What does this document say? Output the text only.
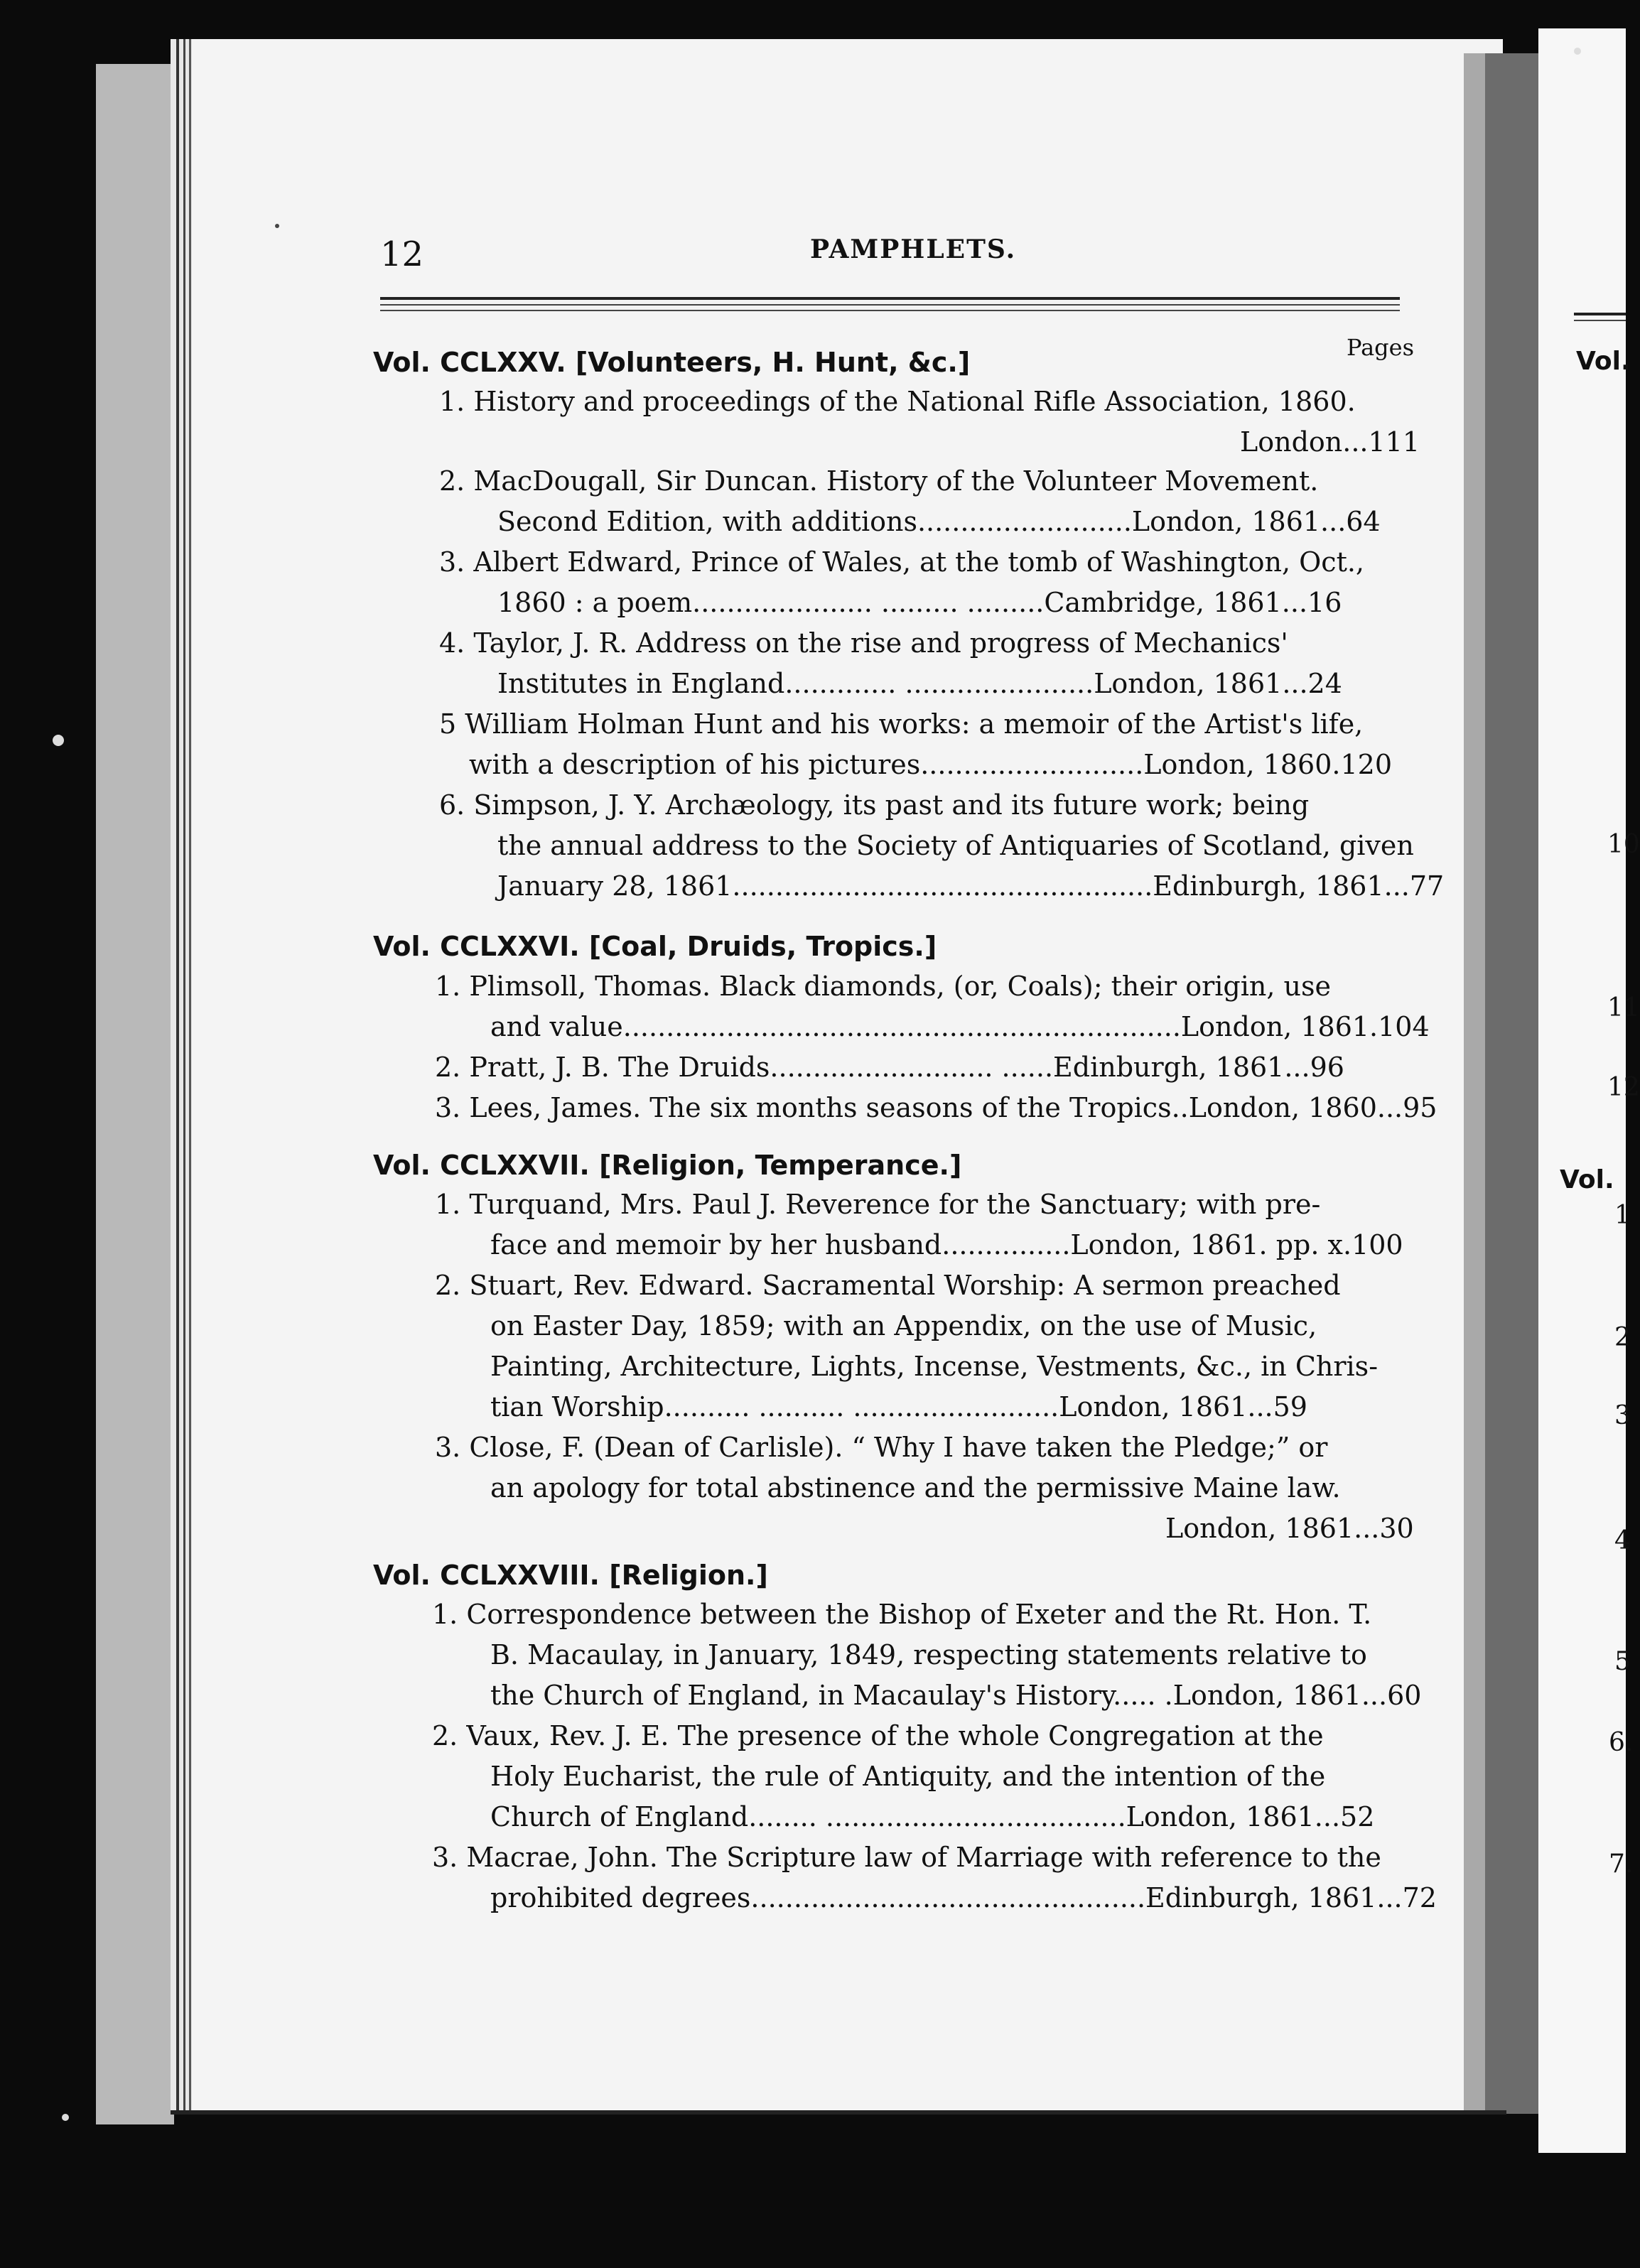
12	PAMPHLETS.
Pages
Vol. CCLXXV. [Volunteers, H. Hunt, &c.]
1. History and proceedings of the National Rifle Association, 1860.
London...111
2. MacDougall, Sir Duncan. History of the Volunteer Movement.
Second Edition, with additions.........................London, 1861...64
3. Albert Edward, Prince of Wales, at the tomb of Washington, Oct.,
1860 : a poem..................... ......... .........Cambridge, 1861...16
4. Taylor, J. R. Address on the rise and progress of Mechanics'
Institutes in England............. ......................London, 1861...24
5 William Holman Hunt and his works: a memoir of the Artist's life,
with a description of his pictures..........................London, 1860.120
6. Simpson, J. Y. Archæology, its past and its future work; being
the annual address to the Society of Antiquaries of Scotland, given
January 28, 1861.................................................Edinburgh, 1861...77
Vol. CCLXXVI. [Coal, Druids, Tropics.]
1. Plimsoll, Thomas. Black diamonds, (or, Coals); their origin, use
and value.................................................................London, 1861.104
2. Pratt, J. B. The Druids.......................... ......Edinburgh, 1861...96
3. Lees, James. The six months seasons of the Tropics..London, 1860...95
Vol. CCLXXVII. [Religion, Temperance.]
1. Turquand, Mrs. Paul J. Reverence for the Sanctuary; with pre-
face and memoir by her husband...............London, 1861. pp. x.100
2. Stuart, Rev. Edward. Sacramental Worship: A sermon preached
on Easter Day, 1859; with an Appendix, on the use of Music,
Painting, Architecture, Lights, Incense, Vestments, &c., in Chris-
tian Worship.......... .......... ........................London, 1861...59
3. Close, F. (Dean of Carlisle). “ Why I have taken the Pledge;” or
an apology for total abstinence and the permissive Maine law.
London, 1861...30
Vol. CCLXXVIII. [Religion.]
1. Correspondence between the Bishop of Exeter and the Rt. Hon. T.
B. Macaulay, in January, 1849, respecting statements relative to
the Church of England, in Macaulay's History..... .London, 1861...60
2. Vaux, Rev. J. E. The presence of the whole Congregation at the
Holy Eucharist, the rule of Antiquity, and the intention of the
Church of England........ ...................................London, 1861...52
3. Macrae, John. The Scripture law of Marriage with reference to the
prohibited degrees..............................................Edinburgh, 1861...72
Vol.
10
11
12
Vol.
1
2
3
4
5
6.
7.
